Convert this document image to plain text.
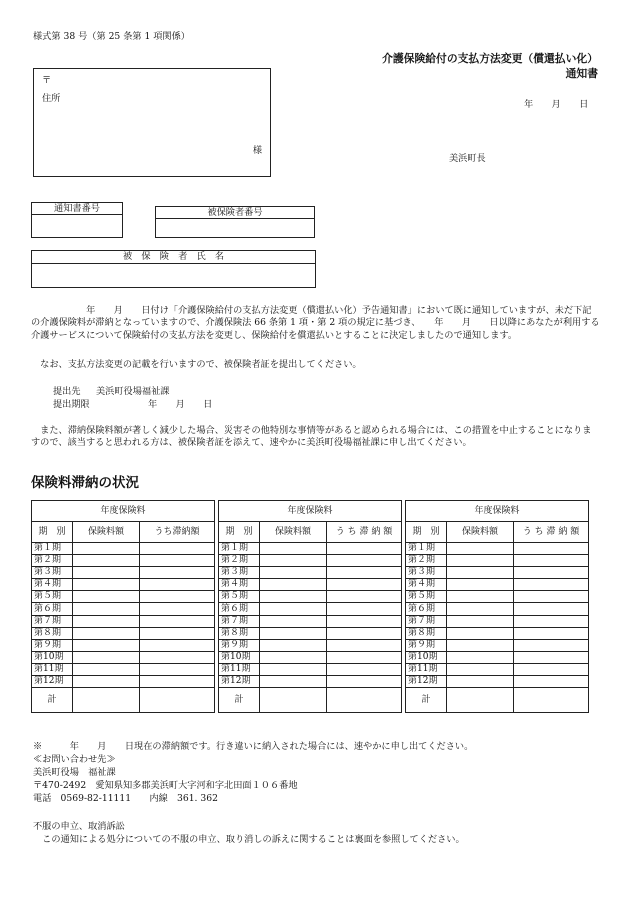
様式第 38 号（第 25 条第 1 項関係）
介護保険給付の支払方法変更（償還払い化）
通知書
年　　月　　日
〒
住所
様
美浜町長
通知書番号	被保険者番号
被　保　険　者　氏　名
　　　　　　年　　月　　日付け「介護保険給付の支払方法変更（償還払い化）予告通知書」において既に通知していますが、未だ下記の介護保険料が滞納となっていますので、介護保険法 66 条第 1 項・第 2 項の規定に基づき、　　年　　月　　日以降にあなたが利用する介護サービスについて保険給付の支払方法を変更し、保険給付を償還払いとすることに決定しましたので通知します。
　なお、支払方法変更の記載を行いますので、被保険者証を提出してください。
提出先 美浜町役場福祉課
提出期限	年　　月　　日
　また、滞納保険料額が著しく減少した場合、災害その他特別な事情等があると認められる場合には、この措置を中止することになりますので、該当すると思われる方は、被保険者証を添えて、速やかに美浜町役場福祉課に申し出てください。
保険料滞納の状況
年度保険料		
期　別	保険料額	うち滞納額
第１期		
第２期		
第３期		
第４期		
第５期		
第６期		
第７期		
第８期		
第９期		
第10期		
第11期		
第12期		
計		
年度保険料		
期　別	保険料額	う ち 滞 納 額
第１期		
第２期		
第３期		
第４期		
第５期		
第６期		
第７期		
第８期		
第９期		
第10期		
第11期		
第12期		
計		
年度保険料		
期　別	保険料額	う ち 滞 納 額
第１期		
第２期		
第３期		
第４期		
第５期		
第６期		
第７期		
第８期		
第９期		
第10期		
第11期		
第12期		
計		
※　　　年　　月　　日現在の滞納額です。行き違いに納入された場合には、速やかに申し出てください。
≪お問い合わせ先≫
美浜町役場　福祉課
〒470-2492　愛知県知多郡美浜町大字河和字北田面１０６番地
電話　0569-82-11111　　内線　361. 362
不服の申立、取消訴訟
　この通知による処分についての不服の申立、取り消しの訴えに関することは裏面を参照してください。
